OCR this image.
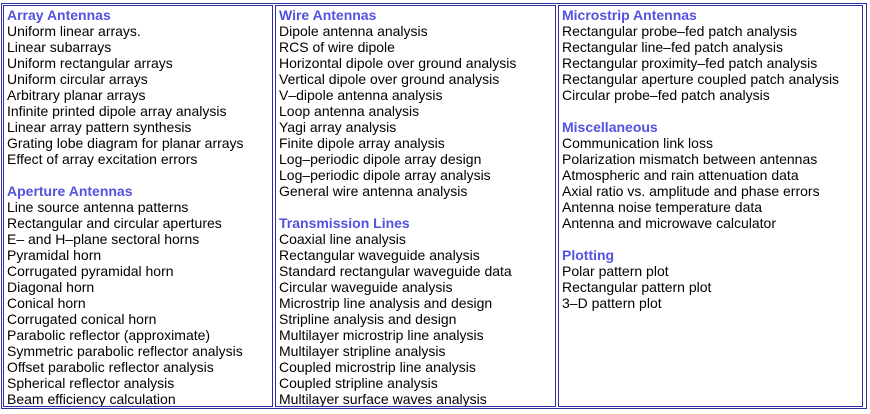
Array Antennas
Uniform linear arrays.
Linear subarrays
Uniform rectangular arrays
Uniform circular arrays
Arbitrary planar arrays
Infinite printed dipole array analysis
Linear array pattern synthesis
Grating lobe diagram for planar arrays
Effect of array excitation errors
Aperture Antennas
Line source antenna patterns
Rectangular and circular apertures
E– and H–plane sectoral horns
Pyramidal horn
Corrugated pyramidal horn
Diagonal horn
Conical horn
Corrugated conical horn
Parabolic reflector (approximate)
Symmetric parabolic reflector analysis
Offset parabolic reflector analysis
Spherical reflector analysis
Beam efficiency calculation
Wire Antennas
Dipole antenna analysis
RCS of wire dipole
Horizontal dipole over ground analysis
Vertical dipole over ground analysis
V–dipole antenna analysis
Loop antenna analysis
Yagi array analysis
Finite dipole array analysis
Log–periodic dipole array design
Log–periodic dipole array analysis
General wire antenna analysis
Transmission Lines
Coaxial line analysis
Rectangular waveguide analysis
Standard rectangular waveguide data
Circular waveguide analysis
Microstrip line analysis and design
Stripline analysis and design
Multilayer microstrip line analysis
Multilayer stripline analysis
Coupled microstrip line analysis
Coupled stripline analysis
Multilayer surface waves analysis
Microstrip Antennas
Rectangular probe–fed patch analysis
Rectangular line–fed patch analysis
Rectangular proximity–fed patch analysis
Rectangular aperture coupled patch analysis
Circular probe–fed patch analysis
Miscellaneous
Communication link loss
Polarization mismatch between antennas
Atmospheric and rain attenuation data
Axial ratio vs. amplitude and phase errors
Antenna noise temperature data
Antenna and microwave calculator
Plotting
Polar pattern plot
Rectangular pattern plot
3–D pattern plot
